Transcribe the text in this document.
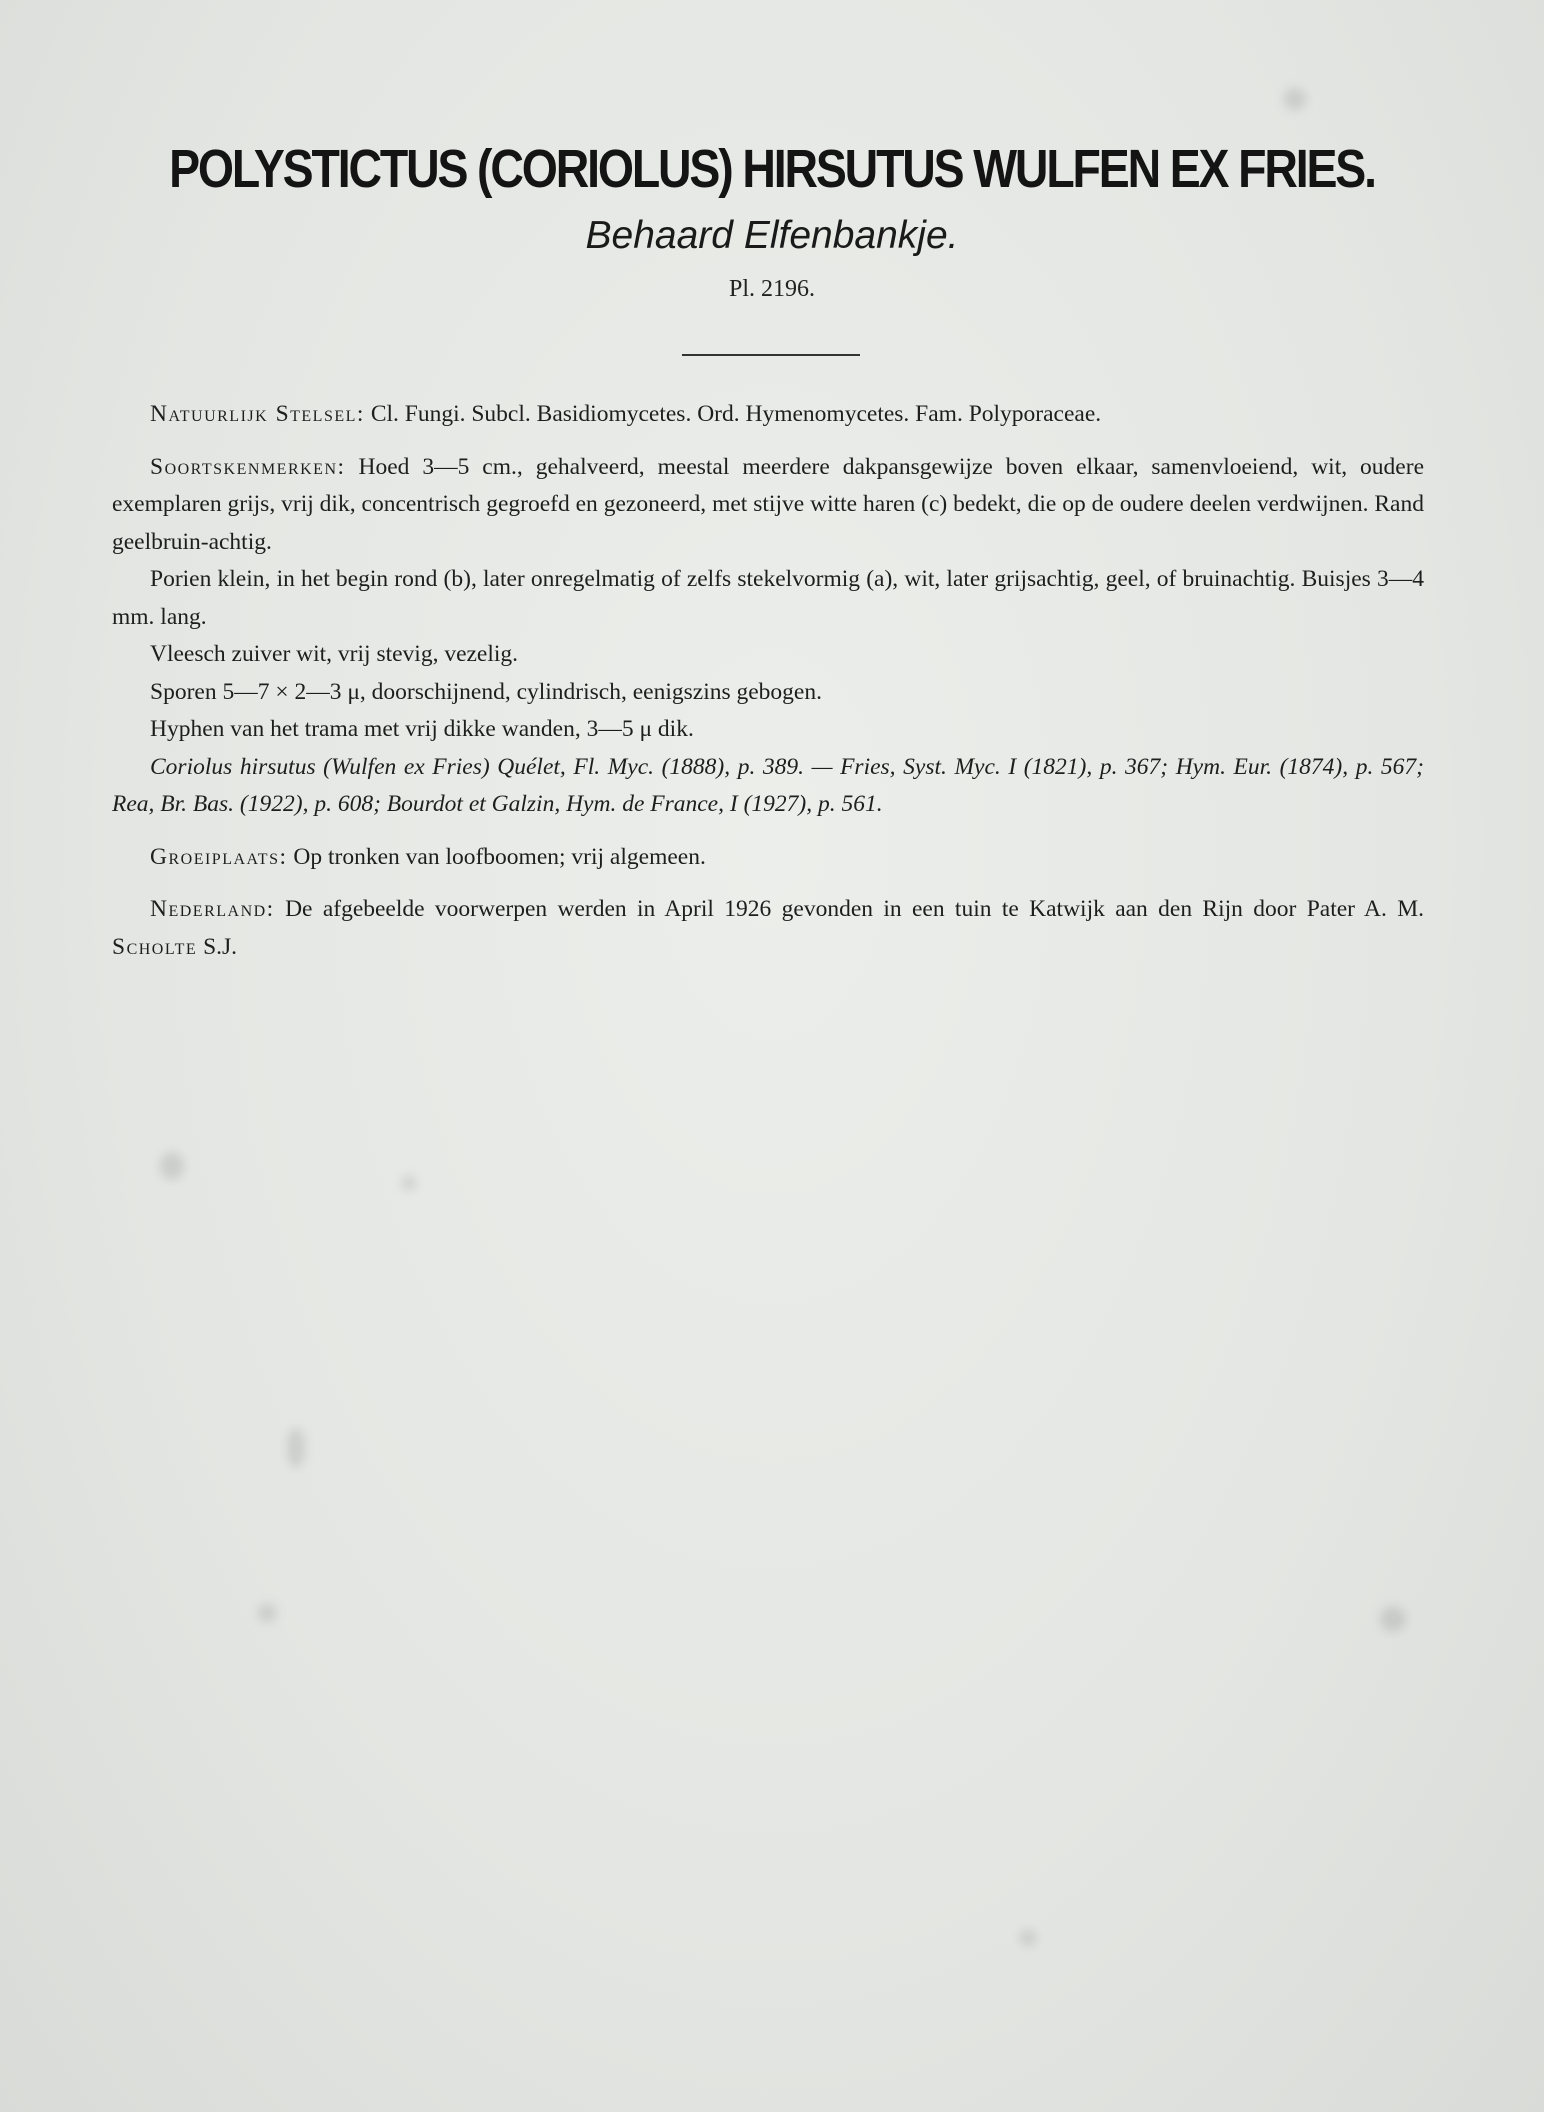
POLYSTICTUS (CORIOLUS) HIRSUTUS WULFEN EX FRIES.
Behaard Elfenbankje.
Pl. 2196.

Natuurlijk Stelsel: Cl. Fungi. Subcl. Basidiomycetes. Ord. Hymenomycetes. Fam. Polyporaceae.

Soortskenmerken: Hoed 3—5 cm., gehalveerd, meestal meerdere dakpansgewijze boven elkaar, samenvloeiend, wit, oudere exemplaren grijs, vrij dik, concentrisch gegroefd en gezoneerd, met stijve witte haren (c) bedekt, die op de oudere deelen verdwijnen. Rand geelbruin-achtig.

Porien klein, in het begin rond (b), later onregelmatig of zelfs stekelvormig (a), wit, later grijsachtig, geel, of bruinachtig. Buisjes 3—4 mm. lang.

Vleesch zuiver wit, vrij stevig, vezelig.

Sporen 5—7 × 2—3 μ, doorschijnend, cylindrisch, eenigszins gebogen.

Hyphen van het trama met vrij dikke wanden, 3—5 μ dik.

Coriolus hirsutus (Wulfen ex Fries) Quélet, Fl. Myc. (1888), p. 389. — Fries, Syst. Myc. I (1821), p. 367; Hym. Eur. (1874), p. 567; Rea, Br. Bas. (1922), p. 608; Bourdot et Galzin, Hym. de France, I (1927), p. 561.

Groeiplaats: Op tronken van loofboomen; vrij algemeen.

Nederland: De afgebeelde voorwerpen werden in April 1926 gevonden in een tuin te Katwijk aan den Rijn door Pater A. M. Scholte S.J.
